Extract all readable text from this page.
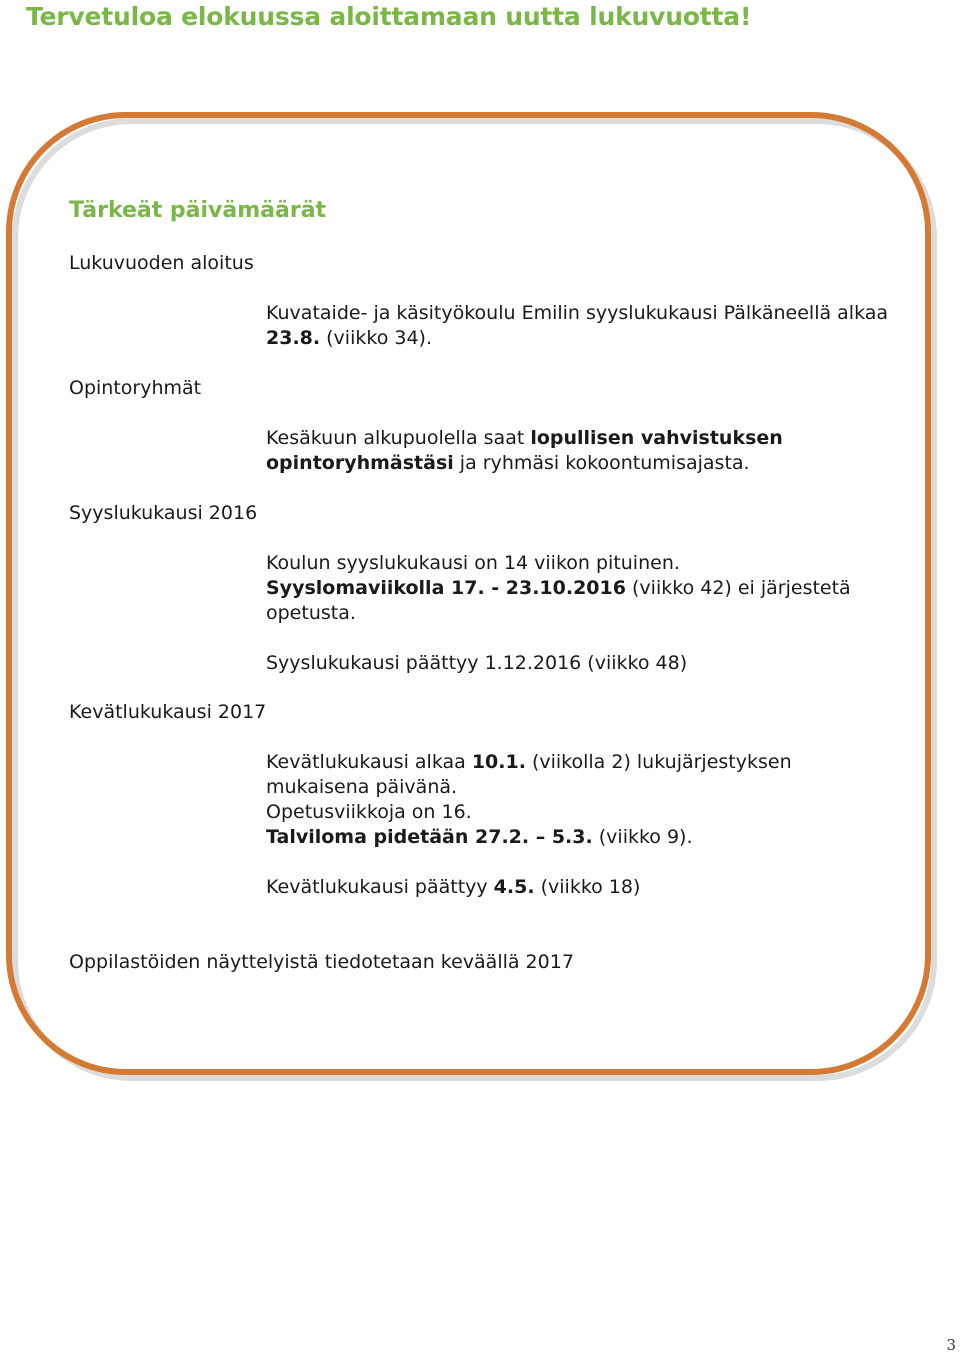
Tervetuloa elokuussa aloittamaan uutta lukuvuotta!
Tärkeät päivämäärät
Lukuvuoden aloitus
Opintoryhmät
Syyslukukausi 2016
Kevätlukukausi 2017
Kuvataide- ja käsityökoulu Emilin syyslukukausi Pälkäneellä alkaa
23.8. (viikko 34).
Kesäkuun alkupuolella saat lopullisen vahvistuksen
opintoryhmästäsi ja ryhmäsi kokoontumisajasta.
Koulun syyslukukausi on 14 viikon pituinen.
Syyslomaviikolla 17. - 23.10.2016 (viikko 42) ei järjestetä
opetusta.
Syyslukukausi päättyy 1.12.2016 (viikko 48)
Kevätlukukausi alkaa 10.1. (viikolla 2) lukujärjestyksen
mukaisena päivänä.
Opetusviikkoja on 16.
Talviloma pidetään 27.2. – 5.3. (viikko 9).
Kevätlukukausi päättyy 4.5. (viikko 18)
Oppilastöiden näyttelyistä tiedotetaan keväällä 2017
3
